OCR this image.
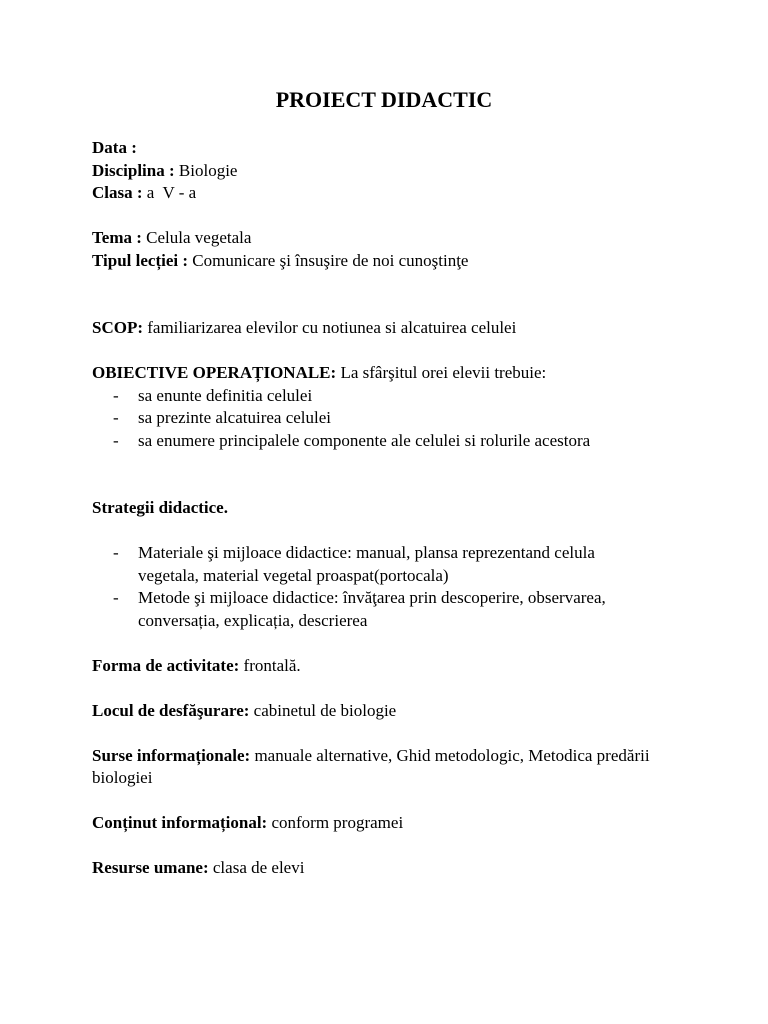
PROIECT DIDACTIC
Data :
Disciplina : Biologie
Clasa : a  V - a
Tema : Celula vegetala
Tipul lecției : Comunicare şi însuşire de noi cunoştinţe
SCOP: familiarizarea elevilor cu notiunea si alcatuirea celulei
OBIECTIVE OPERAȚIONALE: La sfârşitul orei elevii trebuie:
- sa enunte definitia celulei
- sa prezinte alcatuirea celulei
- sa enumere principalele componente ale celulei si rolurile acestora
Strategii didactice.
- Materiale şi mijloace didactice: manual, plansa reprezentand celula vegetala, material vegetal proaspat(portocala)
- Metode şi mijloace didactice: învăţarea prin descoperire, observarea, conversația, explicația, descrierea
Forma de activitate: frontală.
Locul de desfăşurare: cabinetul de biologie
Surse informaționale: manuale alternative, Ghid metodologic, Metodica predării biologiei
Conținut informațional: conform programei
Resurse umane: clasa de elevi
